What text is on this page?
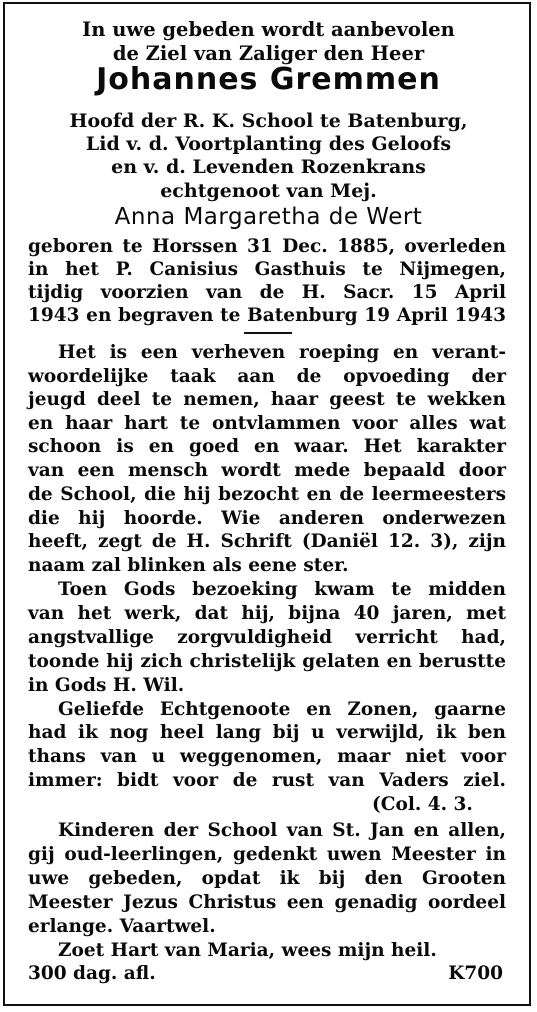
In uwe gebeden wordt aanbevolen
de Ziel van Zaliger den Heer
Johannes Gremmen
Hoofd der R. K. School te Batenburg,
Lid v. d. Voortplanting des Geloofs
en v. d. Levenden Rozenkrans
echtgenoot van Mej.
Anna Margaretha de Wert
geboren te Horssen 31 Dec. 1885, overleden
in het P. Canisius Gasthuis te Nijmegen,
tijdig voorzien van de H. Sacr. 15 April
1943 en begraven te Batenburg 19 April 1943
Het is een verheven roeping en verant-
woordelijke taak aan de opvoeding der
jeugd deel te nemen, haar geest te wekken
en haar hart te ontvlammen voor alles wat
schoon is en goed en waar. Het karakter
van een mensch wordt mede bepaald door
de School, die hij bezocht en de leermeesters
die hij hoorde. Wie anderen onderwezen
heeft, zegt de H. Schrift (Daniël 12. 3), zijn
naam zal blinken als eene ster.
Toen Gods bezoeking kwam te midden
van het werk, dat hij, bijna 40 jaren, met
angstvallige zorgvuldigheid verricht had,
toonde hij zich christelijk gelaten en berustte
in Gods H. Wil.
Geliefde Echtgenoote en Zonen, gaarne
had ik nog heel lang bij u verwijld, ik ben
thans van u weggenomen, maar niet voor
immer: bidt voor de rust van Vaders ziel.
(Col. 4. 3.
Kinderen der School van St. Jan en allen,
gij oud-leerlingen, gedenkt uwen Meester in
uwe gebeden, opdat ik bij den Grooten
Meester Jezus Christus een genadig oordeel
erlange. Vaartwel.
Zoet Hart van Maria, wees mijn heil.
300 dag. afl.	K700
